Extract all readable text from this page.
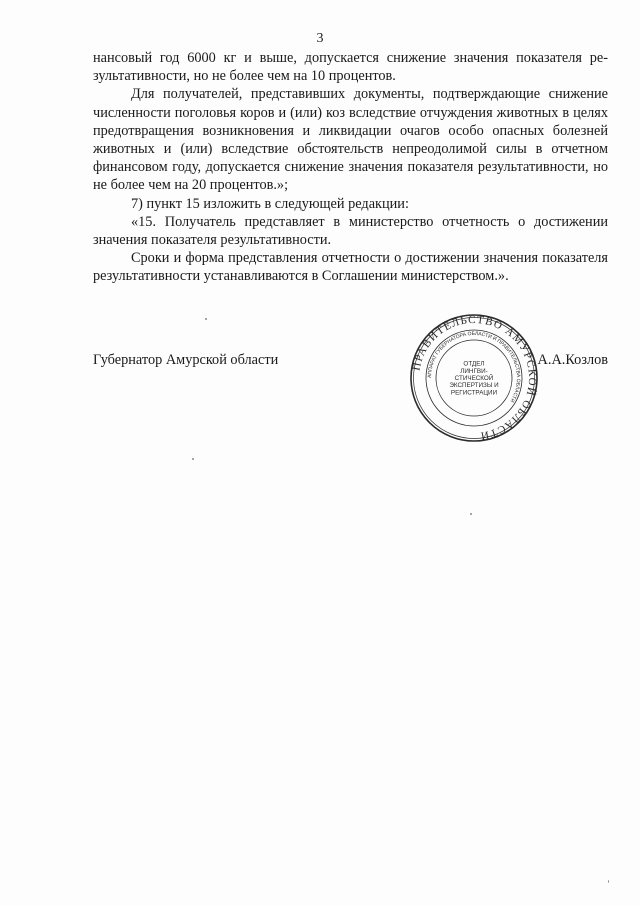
3

нансовый год 6000 кг и выше, допускается снижение значения показателя ре-зультативности, но не более чем на 10 процентов.

Для получателей, представивших документы, подтверждающие снижение численности поголовья коров и (или) коз вследствие отчуждения животных в целях предотвращения возникновения и ликвидации очагов особо опасных болезней животных и (или) вследствие обстоятельств непреодолимой силы в отчетном финансовом году, допускается снижение значения показателя результативности, но не более чем на 20 процентов.»;

7) пункт 15 изложить в следующей редакции:

«15. Получатель представляет в министерство отчетность о достижении значения показателя результативности.

Сроки и форма представления отчетности о достижении значения показателя результативности устанавливаются в Соглашении министерством.».

Губернатор Амурской области	А.А.Козлов
ПРАВИТЕЛЬСТВО АМУРСКОЙ ОБЛАСТИ
АППАРАТ ГУБЕРНАТОРА ОБЛАСТИ И ПРАВИТЕЛЬСТВА ОБЛАСТИ
ОТДЕЛ
ЛИНГВИ-
СТИЧЕСКОЙ
ЭКСПЕРТИЗЫ И
РЕГИСТРАЦИИ
